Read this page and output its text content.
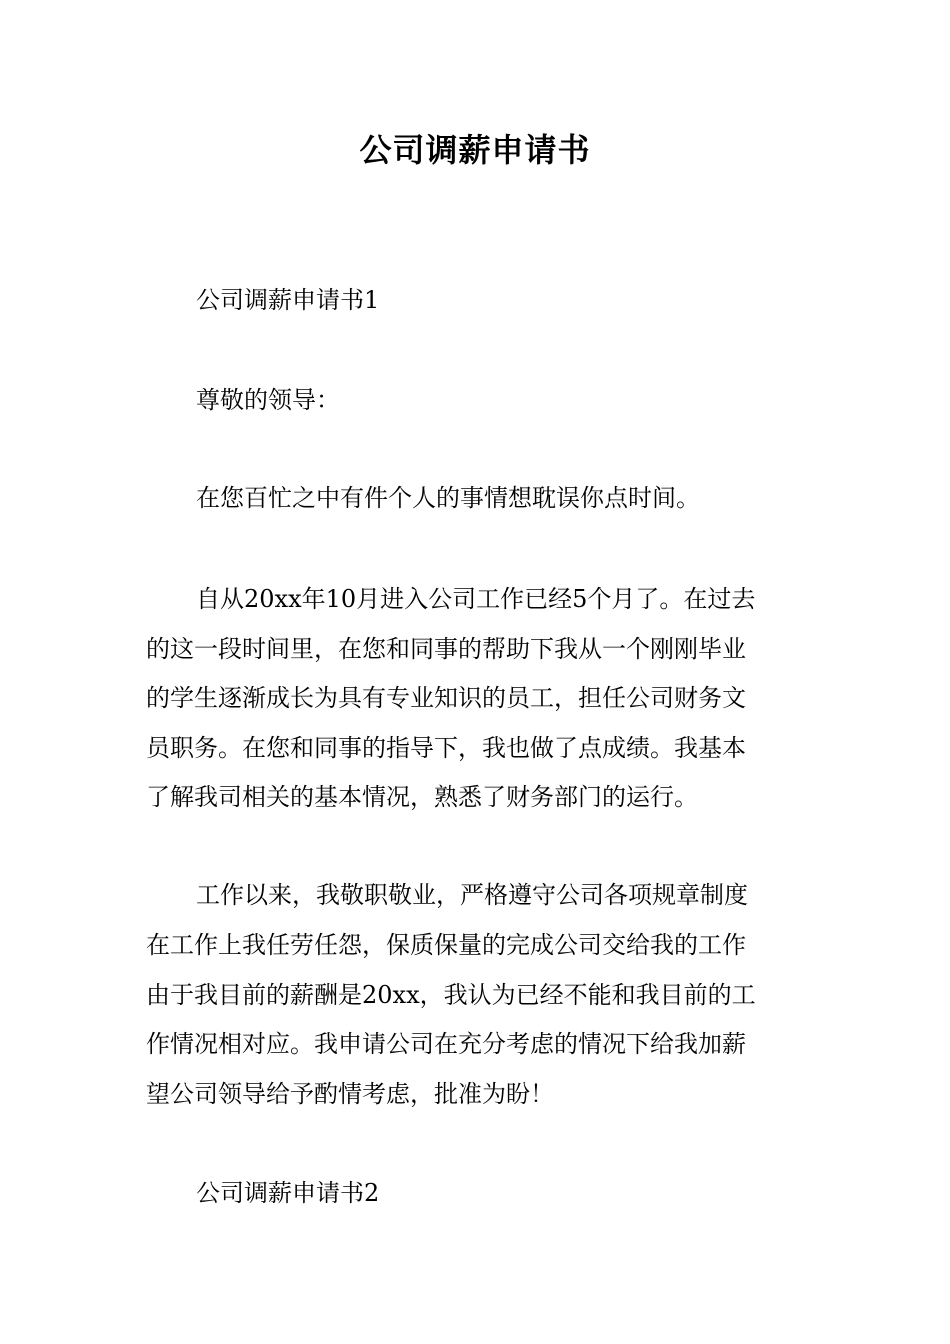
公司调薪申请书
公司调薪申请书1
尊敬的领导：
在您百忙之中有件个人的事情想耽误你点时间。
自从20xx年10月进入公司工作已经5个月了。在过去
的这一段时间里，在您和同事的帮助下我从一个刚刚毕业
的学生逐渐成长为具有专业知识的员工，担任公司财务文
员职务。在您和同事的指导下，我也做了点成绩。我基本
了解我司相关的基本情况，熟悉了财务部门的运行。
工作以来，我敬职敬业，严格遵守公司各项规章制度
在工作上我任劳任怨，保质保量的完成公司交给我的工作
由于我目前的薪酬是20xx，我认为已经不能和我目前的工
作情况相对应。我申请公司在充分考虑的情况下给我加薪
望公司领导给予酌情考虑，批准为盼！
公司调薪申请书2
